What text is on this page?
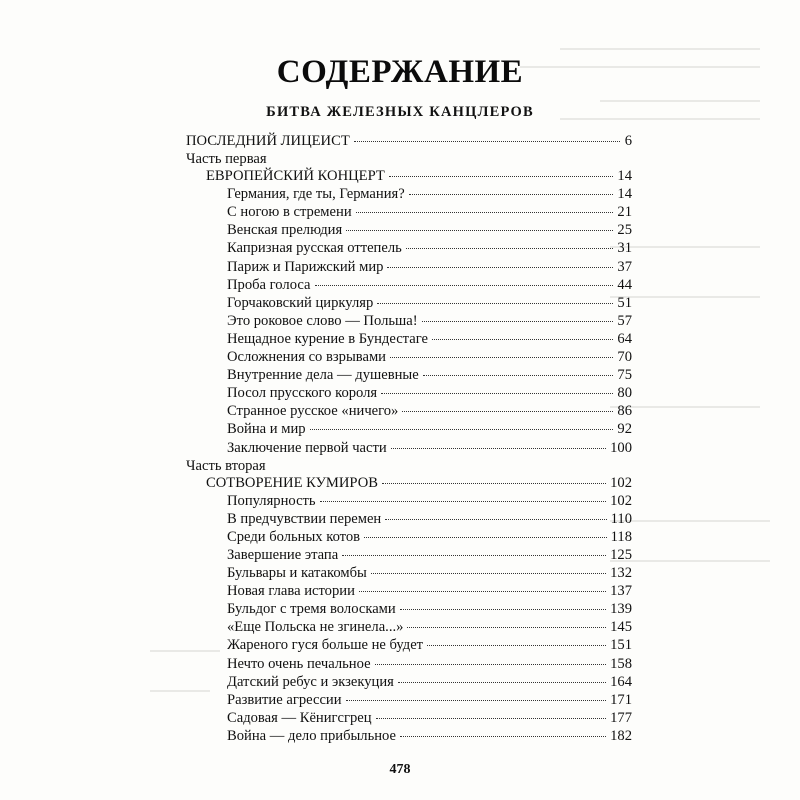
СОДЕРЖАНИЕ
БИТВА ЖЕЛЕЗНЫХ КАНЦЛЕРОВ
ПОСЛЕДНИЙ ЛИЦЕИСТ	6
Часть первая
ЕВРОПЕЙСКИЙ КОНЦЕРТ	14
Германия, где ты, Германия?	14
С ногою в стремени	21
Венская прелюдия	25
Капризная русская оттепель	31
Париж и Парижский мир	37
Проба голоса	44
Горчаковский циркуляр	51
Это роковое слово — Польша!	57
Нещадное курение в Бундестаге	64
Осложнения со взрывами	70
Внутренние дела — душевные	75
Посол прусского короля	80
Странное русское «ничего»	86
Война и мир	92
Заключение первой части	100
Часть вторая
СОТВОРЕНИЕ КУМИРОВ	102
Популярность	102
В предчувствии перемен	110
Среди больных котов	118
Завершение этапа	125
Бульвары и катакомбы	132
Новая глава истории	137
Бульдог с тремя волосками	139
«Еще Польска не згинела...»	145
Жареного гуся больше не будет	151
Нечто очень печальное	158
Датский ребус и экзекуция	164
Развитие агрессии	171
Садовая — Кёнигсгрец	177
Война — дело прибыльное	182
478
